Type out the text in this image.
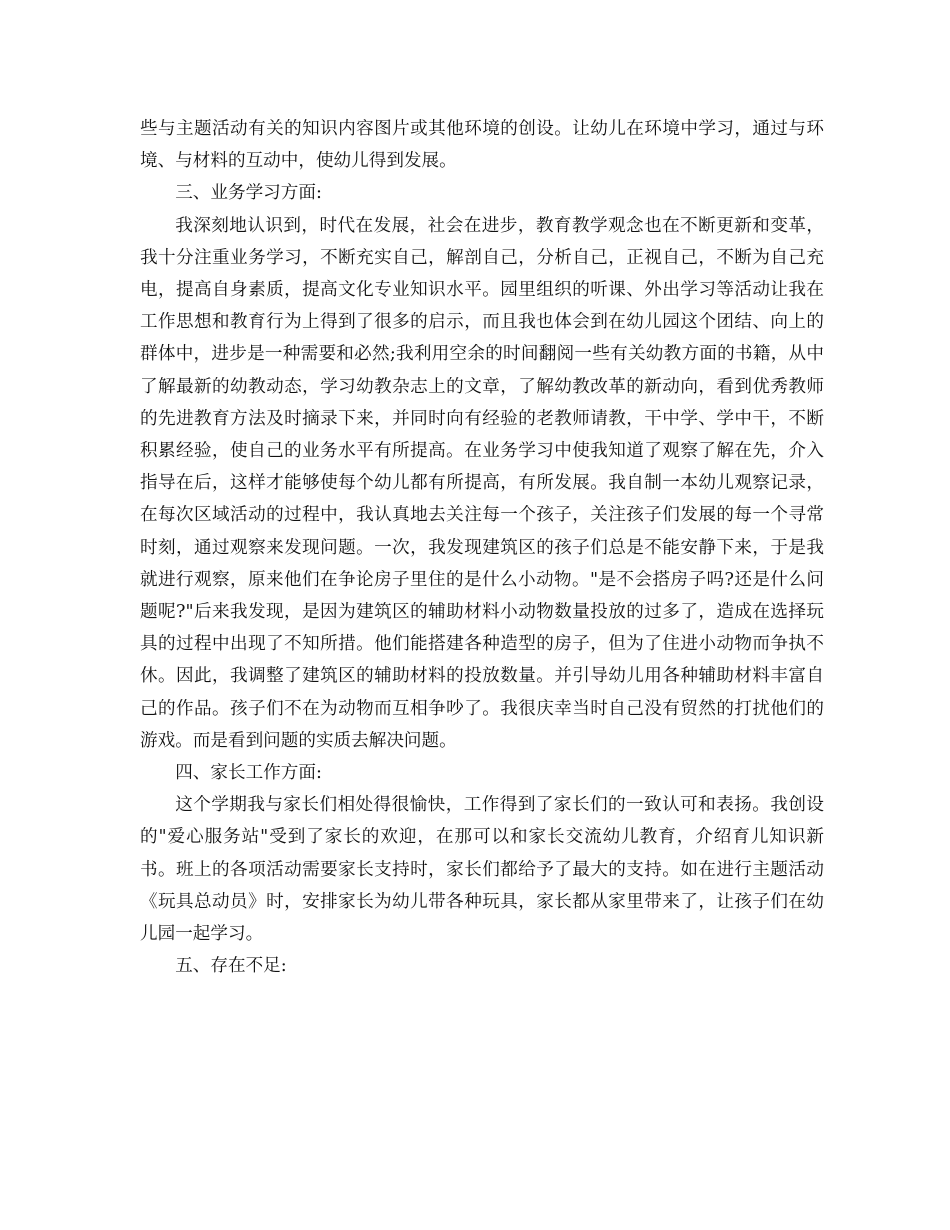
些与主题活动有关的知识内容图片或其他环境的创设。让幼儿在环境中学习，通过与环境、与材料的互动中，使幼儿得到发展。

三、业务学习方面:

我深刻地认识到，时代在发展，社会在进步，教育教学观念也在不断更新和变革，我十分注重业务学习，不断充实自己，解剖自己，分析自己，正视自己，不断为自己充电，提高自身素质，提高文化专业知识水平。园里组织的听课、外出学习等活动让我在工作思想和教育行为上得到了很多的启示，而且我也体会到在幼儿园这个团结、向上的群体中，进步是一种需要和必然;我利用空余的时间翻阅一些有关幼教方面的书籍，从中了解最新的幼教动态，学习幼教杂志上的文章，了解幼教改革的新动向，看到优秀教师的先进教育方法及时摘录下来，并同时向有经验的老教师请教，干中学、学中干，不断积累经验，使自己的业务水平有所提高。在业务学习中使我知道了观察了解在先，介入指导在后，这样才能够使每个幼儿都有所提高，有所发展。我自制一本幼儿观察记录，在每次区域活动的过程中，我认真地去关注每一个孩子，关注孩子们发展的每一个寻常时刻，通过观察来发现问题。一次，我发现建筑区的孩子们总是不能安静下来，于是我就进行观察，原来他们在争论房子里住的是什么小动物。"是不会搭房子吗?还是什么问题呢?"后来我发现，是因为建筑区的辅助材料小动物数量投放的过多了，造成在选择玩具的过程中出现了不知所措。他们能搭建各种造型的房子，但为了住进小动物而争执不休。因此，我调整了建筑区的辅助材料的投放数量。并引导幼儿用各种辅助材料丰富自己的作品。孩子们不在为动物而互相争吵了。我很庆幸当时自己没有贸然的打扰他们的游戏。而是看到问题的实质去解决问题。

四、家长工作方面:

这个学期我与家长们相处得很愉快，工作得到了家长们的一致认可和表扬。我创设的"爱心服务站"受到了家长的欢迎，在那可以和家长交流幼儿教育，介绍育儿知识新书。班上的各项活动需要家长支持时，家长们都给予了最大的支持。如在进行主题活动《玩具总动员》时，安排家长为幼儿带各种玩具，家长都从家里带来了，让孩子们在幼儿园一起学习。

五、存在不足:
